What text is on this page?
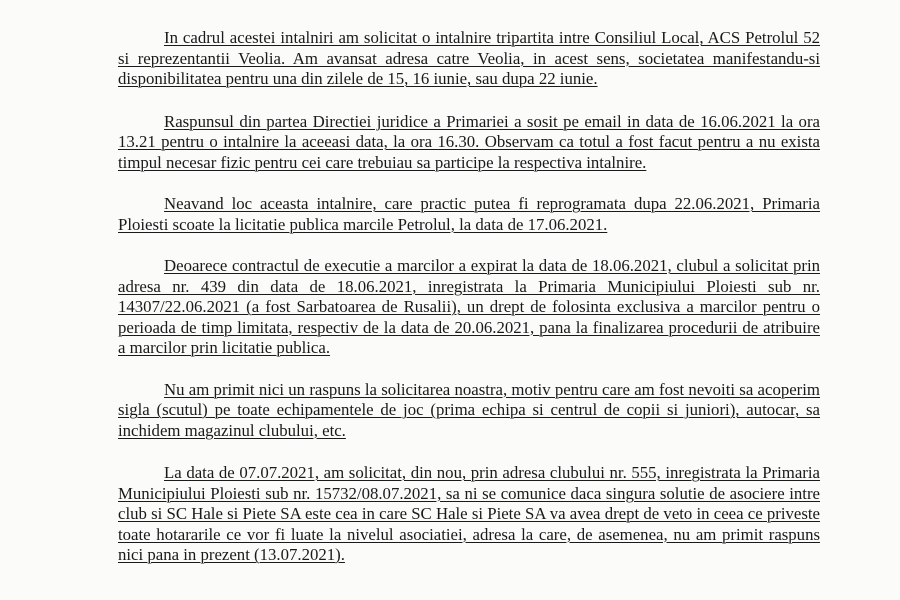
In cadrul acestei intalniri am solicitat o intalnire tripartita intre Consiliul Local, ACS Petrolul 52 si reprezentantii Veolia. Am avansat adresa catre Veolia, in acest sens, societatea manifestandu-si disponibilitatea pentru una din zilele de 15, 16 iunie, sau dupa 22 iunie.

Raspunsul din partea Directiei juridice a Primariei a sosit pe email in data de 16.06.2021 la ora 13.21 pentru o intalnire la aceeasi data, la ora 16.30. Observam ca totul a fost facut pentru a nu exista timpul necesar fizic pentru cei care trebuiau sa participe la respectiva intalnire.

Neavand loc aceasta intalnire, care practic putea fi reprogramata dupa 22.06.2021, Primaria Ploiesti scoate la licitatie publica marcile Petrolul, la data de 17.06.2021.

Deoarece contractul de executie a marcilor a expirat la data de 18.06.2021, clubul a solicitat prin adresa nr. 439 din data de 18.06.2021, inregistrata la Primaria Municipiului Ploiesti sub nr. 14307/22.06.2021 (a fost Sarbatoarea de Rusalii), un drept de folosinta exclusiva a marcilor pentru o perioada de timp limitata, respectiv de la data de 20.06.2021, pana la finalizarea procedurii de atribuire a marcilor prin licitatie publica.

Nu am primit nici un raspuns la solicitarea noastra, motiv pentru care am fost nevoiti sa acoperim sigla (scutul) pe toate echipamentele de joc (prima echipa si centrul de copii si juniori), autocar, sa inchidem magazinul clubului, etc.

La data de 07.07.2021, am solicitat, din nou, prin adresa clubului nr. 555, inregistrata la Primaria Municipiului Ploiesti sub nr. 15732/08.07.2021, sa ni se comunice daca singura solutie de asociere intre club si SC Hale si Piete SA este cea in care SC Hale si Piete SA va avea drept de veto in ceea ce priveste toate hotararile ce vor fi luate la nivelul asociatiei, adresa la care, de asemenea, nu am primit raspuns nici pana in prezent (13.07.2021).
